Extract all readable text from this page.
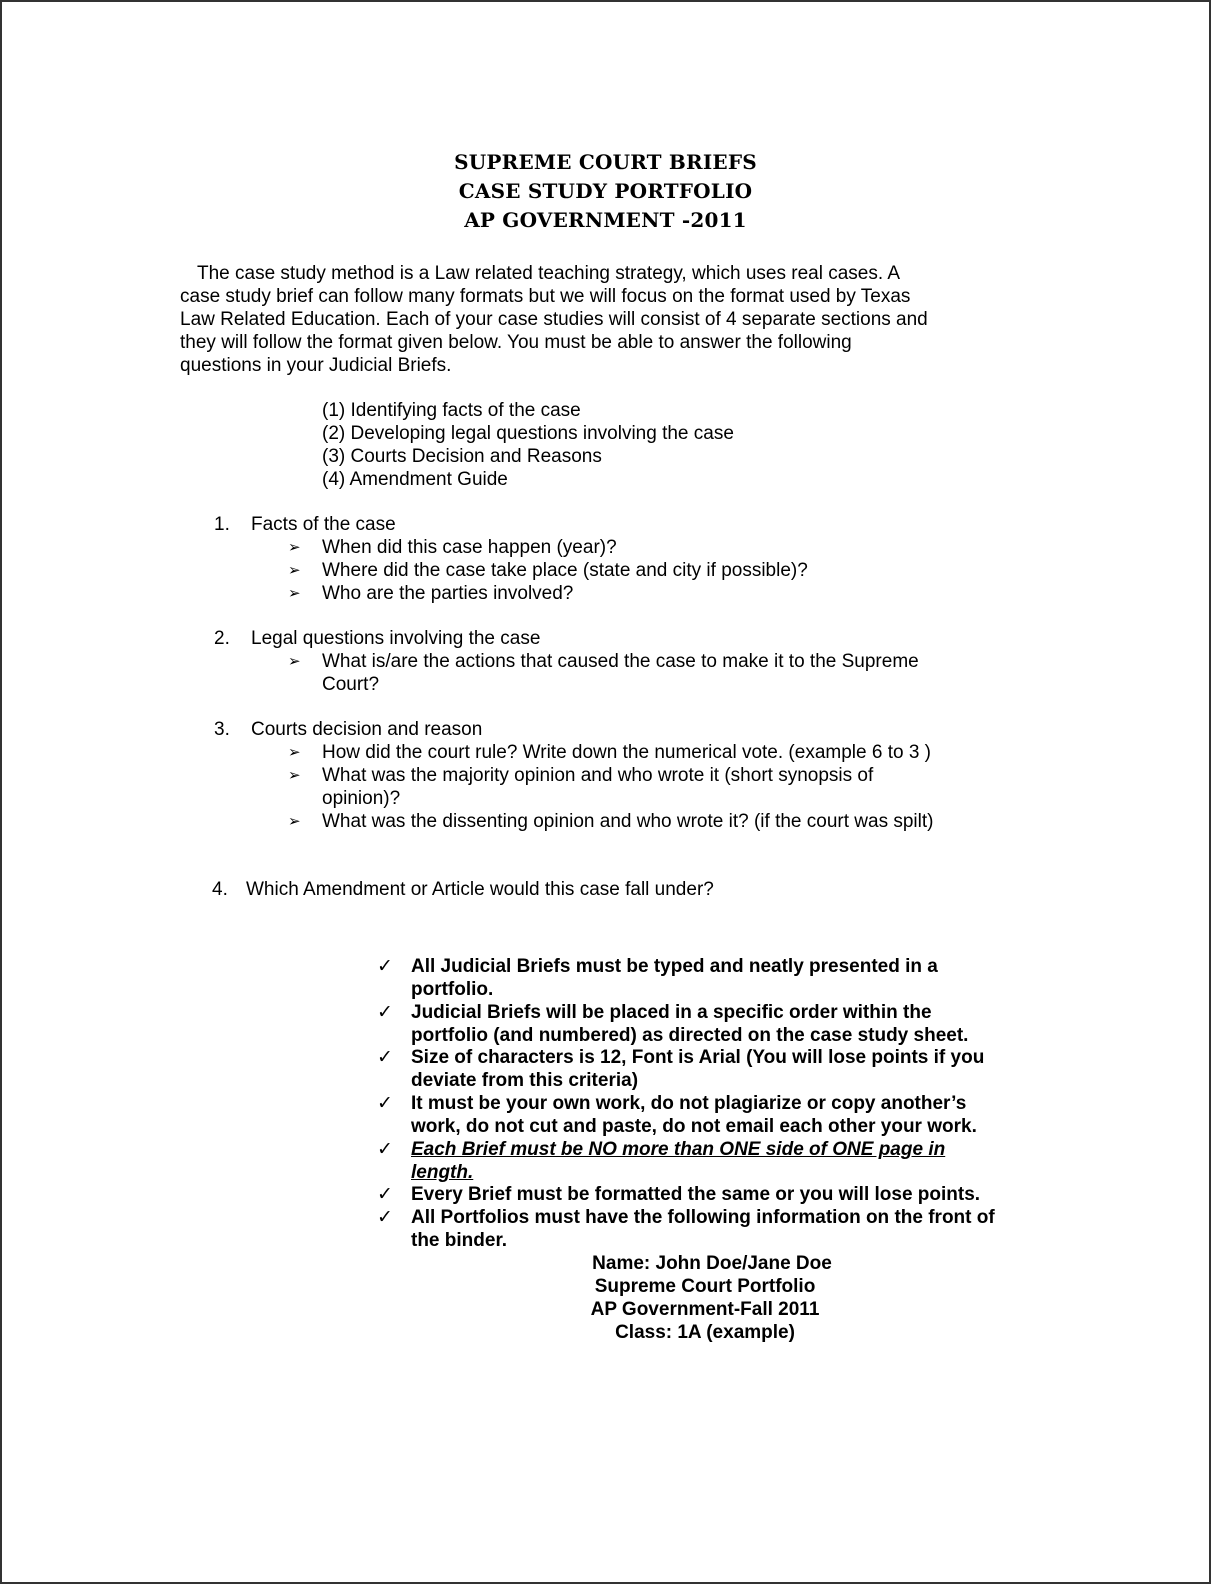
SUPREME COURT BRIEFS
CASE STUDY PORTFOLIO
AP GOVERNMENT -2011
The case study method is a Law related teaching strategy, which uses real cases. A
case study brief can follow many formats but we will focus on the format used by Texas
Law Related Education. Each of your case studies will consist of 4 separate sections and
they will follow the format given below. You must be able to answer the following
questions in your Judicial Briefs.
(1) Identifying facts of the case
(2) Developing legal questions involving the case
(3) Courts Decision and Reasons
(4) Amendment Guide
1. Facts of the case
➢ When did this case happen (year)?
➢ Where did the case take place (state and city if possible)?
➢ Who are the parties involved?
2. Legal questions involving the case
➢ What is/are the actions that caused the case to make it to the Supreme
Court?
3. Courts decision and reason
➢ How did the court rule? Write down the numerical vote. (example 6 to 3 )
➢ What was the majority opinion and who wrote it (short synopsis of
opinion)?
➢ What was the dissenting opinion and who wrote it? (if the court was spilt)
4. Which Amendment or Article would this case fall under?
✓ All Judicial Briefs must be typed and neatly presented in a
portfolio.
✓ Judicial Briefs will be placed in a specific order within the
portfolio (and numbered) as directed on the case study sheet.
✓ Size of characters is 12, Font is Arial (You will lose points if you
deviate from this criteria)
✓ It must be your own work, do not plagiarize or copy another’s
work, do not cut and paste, do not email each other your work.
✓ Each Brief must be NO more than ONE side of ONE page in
length.
✓ Every Brief must be formatted the same or you will lose points.
✓ All Portfolios must have the following information on the front of
the binder.
Name: John Doe/Jane Doe
Supreme Court Portfolio
AP Government-Fall 2011
Class: 1A (example)
